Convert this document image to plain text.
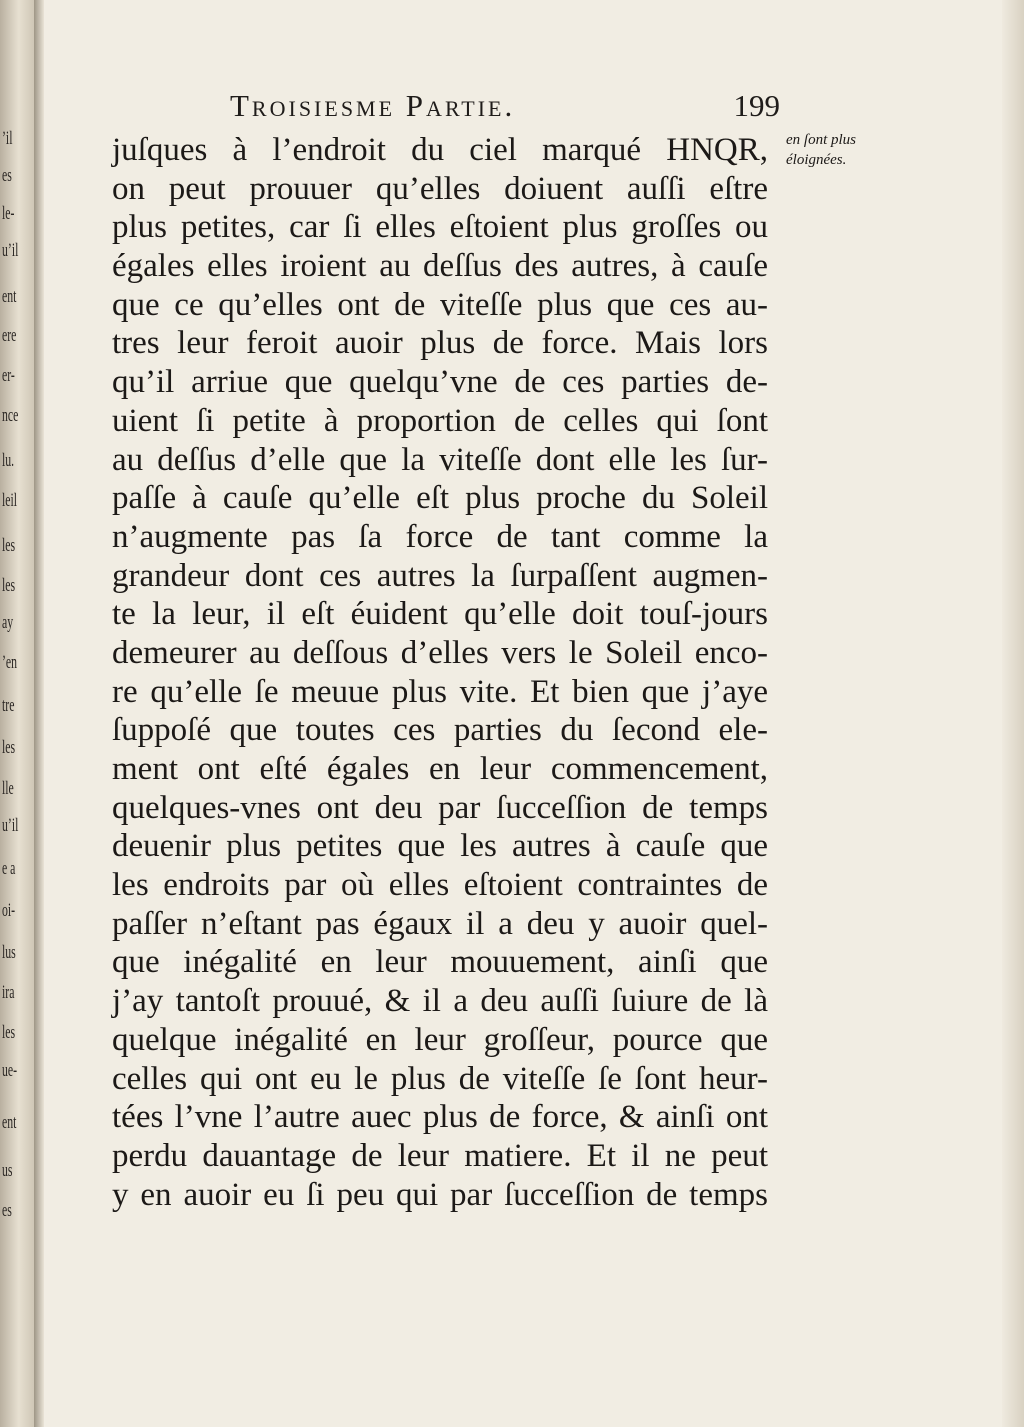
’il
es
le-
u’il
ent
ere
er-
nce
lu.
leil
les
les
ay
’en
tre
les
lle
u’il
e a
oi-
lus
ira
les
ue-
ent
us
es
Troisiesme Partie.	199
en ſont plus
éloignées.
juſques à l’endroit du ciel marqué HNQR,
on peut prouuer qu’elles doiuent auſſi eſtre
plus petites, car ſi elles eſtoient plus groſſes ou
égales elles iroient au deſſus des autres, à cauſe
que ce qu’elles ont de viteſſe plus que ces au-
tres leur feroit auoir plus de force. Mais lors
qu’il arriue que quelqu’vne de ces parties de-
uient ſi petite à proportion de celles qui ſont
au deſſus d’elle que la viteſſe dont elle les ſur-
paſſe à cauſe qu’elle eſt plus proche du Soleil
n’augmente pas ſa force de tant comme la
grandeur dont ces autres la ſurpaſſent augmen-
te la leur, il eſt éuident qu’elle doit touſ-jours
demeurer au deſſous d’elles vers le Soleil enco-
re qu’elle ſe meuue plus vite. Et bien que j’aye
ſuppoſé que toutes ces parties du ſecond ele-
ment ont eſté égales en leur commencement,
quelques-vnes ont deu par ſucceſſion de temps
deuenir plus petites que les autres à cauſe que
les endroits par où elles eſtoient contraintes de
paſſer n’eſtant pas égaux il a deu y auoir quel-
que inégalité en leur mouuement, ainſi que
j’ay tantoſt prouué, & il a deu auſſi ſuiure de là
quelque inégalité en leur groſſeur, pource que
celles qui ont eu le plus de viteſſe ſe ſont heur-
tées l’vne l’autre auec plus de force, & ainſi ont
perdu dauantage de leur matiere. Et il ne peut
y en auoir eu ſi peu qui par ſucceſſion de temps
